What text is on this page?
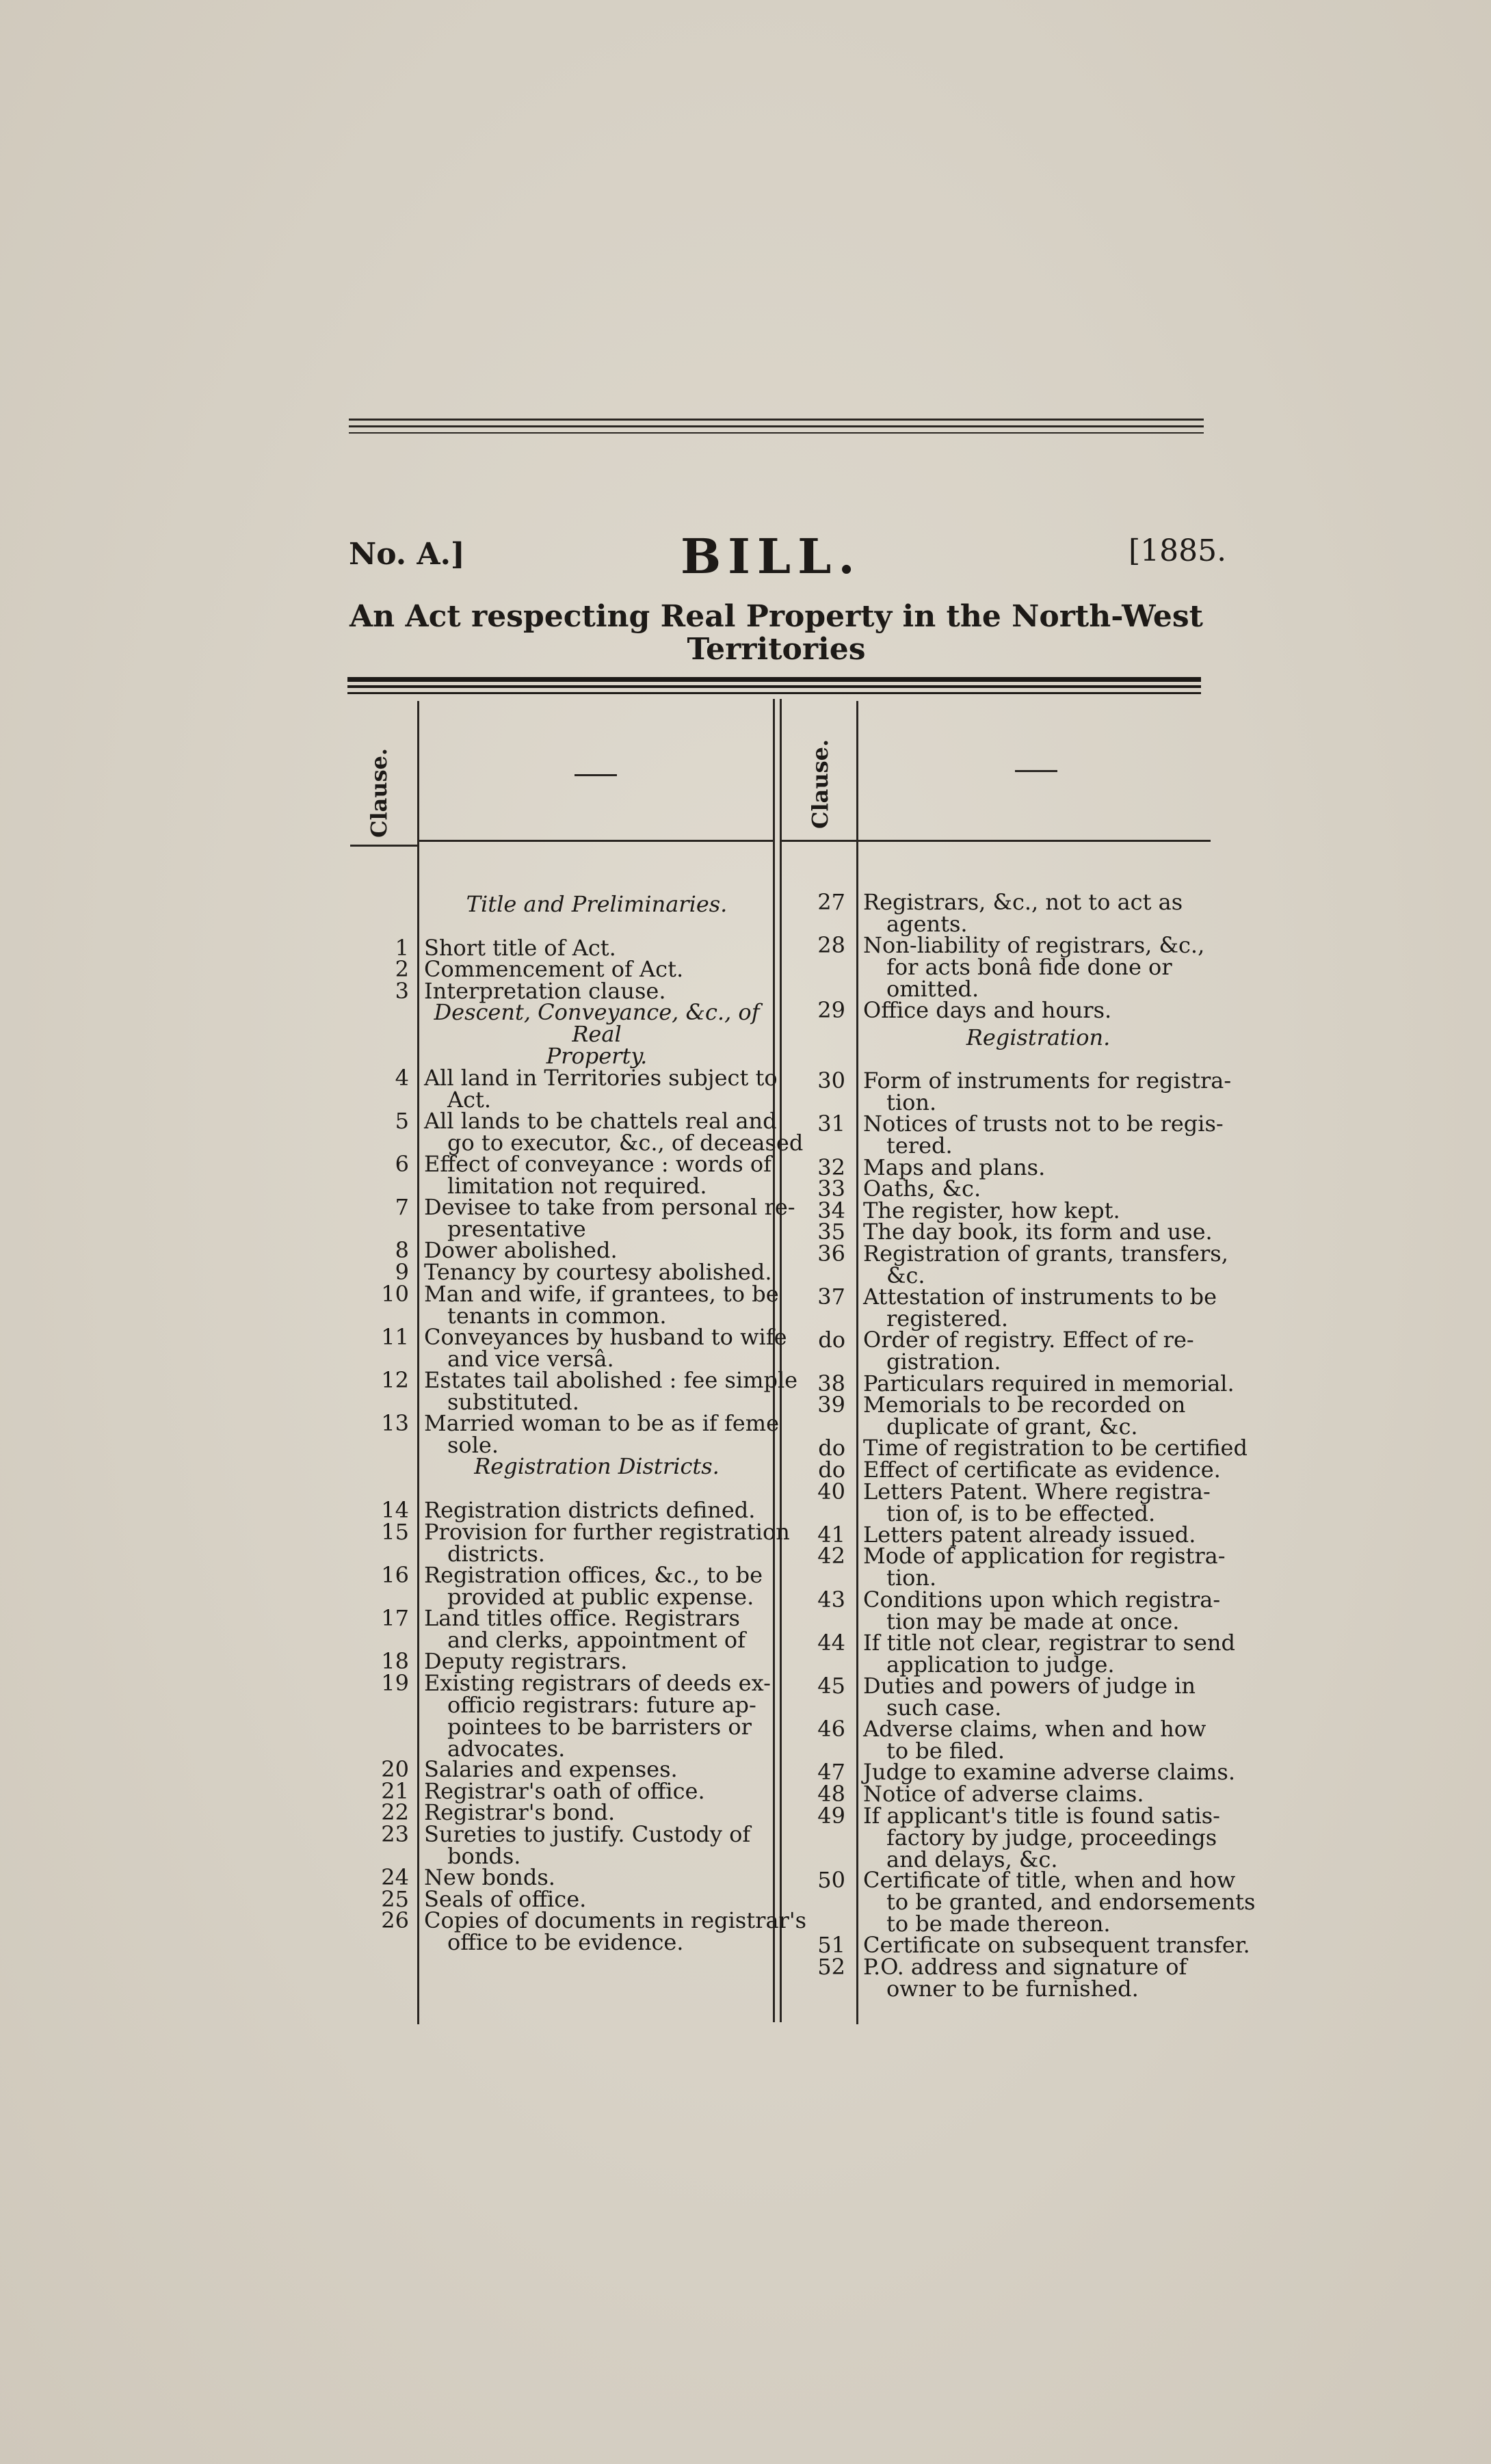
No. A.]	BILL.	[1885.
An Act respecting Real Property in the North-West
Territories
Clause.	Clause.
Title and Preliminaries.
1 Short title of Act.
2 Commencement of Act.
3 Interpretation clause.
Descent, Conveyance, &c., of Real
Property.
4 All land in Territories subject to
Act.
5 All lands to be chattels real and
go to executor, &c., of deceased
6 Effect of conveyance : words of
limitation not required.
7 Devisee to take from personal re-
presentative
8 Dower abolished.
9 Tenancy by courtesy abolished.
10 Man and wife, if grantees, to be
tenants in common.
11 Conveyances by husband to wife
and vice versâ.
12 Estates tail abolished : fee simple
substituted.
13 Married woman to be as if feme
sole.
Registration Districts.
14 Registration districts defined.
15 Provision for further registration
districts.
16 Registration offices, &c., to be
provided at public expense.
17 Land titles office. Registrars
and clerks, appointment of
18 Deputy registrars.
19 Existing registrars of deeds ex-
officio registrars: future ap-
pointees to be barristers or
advocates.
20 Salaries and expenses.
21 Registrar's oath of office.
22 Registrar's bond.
23 Sureties to justify. Custody of
bonds.
24 New bonds.
25 Seals of office.
26 Copies of documents in registrar's
office to be evidence.
27 Registrars, &c., not to act as
agents.
28 Non-liability of registrars, &c.,
for acts bonâ fide done or
omitted.
29 Office days and hours.
Registration.
30 Form of instruments for registra-
tion.
31 Notices of trusts not to be regis-
tered.
32 Maps and plans.
33 Oaths, &c.
34 The register, how kept.
35 The day book, its form and use.
36 Registration of grants, transfers,
&c.
37 Attestation of instruments to be
registered.
do Order of registry. Effect of re-
gistration.
38 Particulars required in memorial.
39 Memorials to be recorded on
duplicate of grant, &c.
do Time of registration to be certified
do Effect of certificate as evidence.
40 Letters Patent. Where registra-
tion of, is to be effected.
41 Letters patent already issued.
42 Mode of application for registra-
tion.
43 Conditions upon which registra-
tion may be made at once.
44 If title not clear, registrar to send
application to judge.
45 Duties and powers of judge in
such case.
46 Adverse claims, when and how
to be filed.
47 Judge to examine adverse claims.
48 Notice of adverse claims.
49 If applicant's title is found satis-
factory by judge, proceedings
and delays, &c.
50 Certificate of title, when and how
to be granted, and endorsements
to be made thereon.
51 Certificate on subsequent transfer.
52 P.O. address and signature of
owner to be furnished.
